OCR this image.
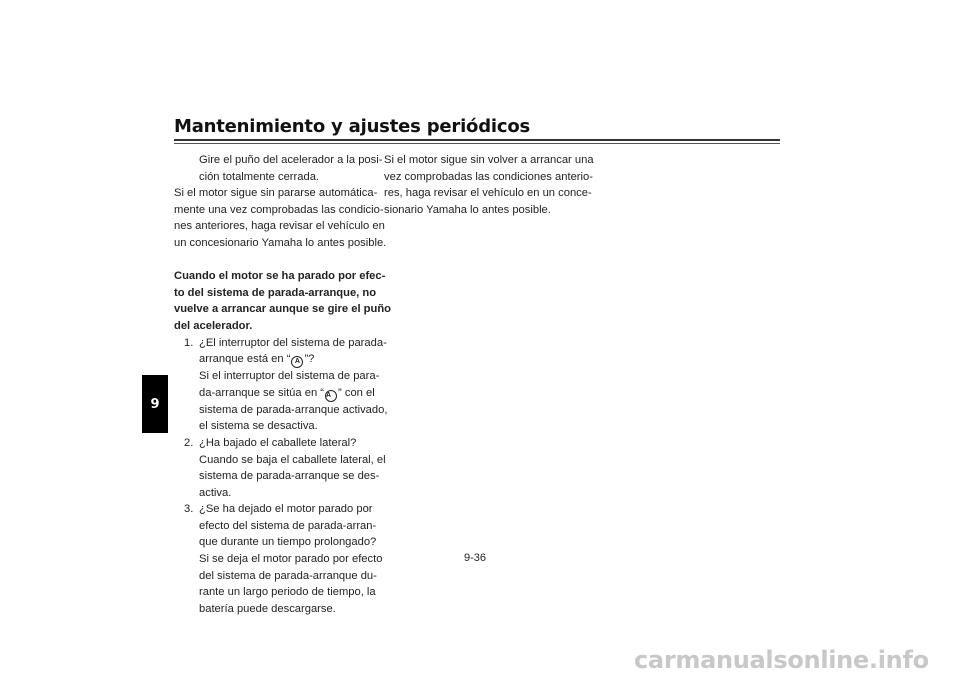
Mantenimiento y ajustes periódicos
9
Gire el puño del acelerador a la posi-
ción totalmente cerrada.
Si el motor sigue sin pararse automática-
mente una vez comprobadas las condicio-
nes anteriores, haga revisar el vehículo en
un concesionario Yamaha lo antes posible.
Cuando el motor se ha parado por efec-
to del sistema de parada-arranque, no
vuelve a arrancar aunque se gire el puño
del acelerador.
1. ¿El interruptor del sistema de parada-
arranque está en “ A ”?
Si el interruptor del sistema de para-
da-arranque se sitúa en “ A ” con el
sistema de parada-arranque activado,
el sistema se desactiva.
2. ¿Ha bajado el caballete lateral?
Cuando se baja el caballete lateral, el
sistema de parada-arranque se des-
activa.
3. ¿Se ha dejado el motor parado por
efecto del sistema de parada-arran-
que durante un tiempo prolongado?
Si se deja el motor parado por efecto
del sistema de parada-arranque du-
rante un largo periodo de tiempo, la
batería puede descargarse.
Si el motor sigue sin volver a arrancar una
vez comprobadas las condiciones anterio-
res, haga revisar el vehículo en un conce-
sionario Yamaha lo antes posible.
9-36
carmanualsonline.info
